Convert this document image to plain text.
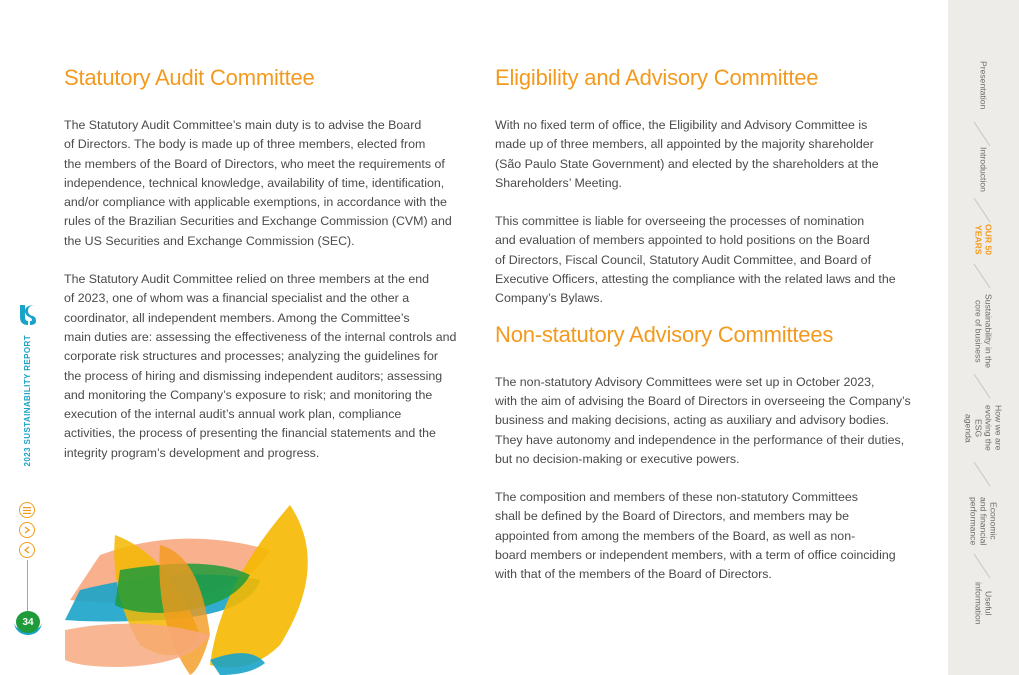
Statutory Audit Committee

The Statutory Audit Committee’s main duty is to advise the Board
of Directors. The body is made up of three members, elected from
the members of the Board of Directors, who meet the requirements of
independence, technical knowledge, availability of time, identification,
and/or compliance with applicable exemptions, in accordance with the
rules of the Brazilian Securities and Exchange Commission (CVM) and
the US Securities and Exchange Commission (SEC).

The Statutory Audit Committee relied on three members at the end
of 2023, one of whom was a financial specialist and the other a
coordinator, all independent members. Among the Committee’s
main duties are: assessing the effectiveness of the internal controls and
corporate risk structures and processes; analyzing the guidelines for
the process of hiring and dismissing independent auditors; assessing
and monitoring the Company’s exposure to risk; and monitoring the
execution of the internal audit’s annual work plan, compliance
activities, the process of presenting the financial statements and the
integrity program’s development and progress.

Eligibility and Advisory Committee

With no fixed term of office, the Eligibility and Advisory Committee is
made up of three members, all appointed by the majority shareholder
(São Paulo State Government) and elected by the shareholders at the
Shareholders’ Meeting.

This committee is liable for overseeing the processes of nomination
and evaluation of members appointed to hold positions on the Board
of Directors, Fiscal Council, Statutory Audit Committee, and Board of
Executive Officers, attesting the compliance with the related laws and the
Company’s Bylaws.

Non-statutory Advisory Committees

The non-statutory Advisory Committees were set up in October 2023,
with the aim of advising the Board of Directors in overseeing the Company’s
business and making decisions, acting as auxiliary and advisory bodies.
They have autonomy and independence in the performance of their duties,
but no decision-making or executive powers.

The composition and members of these non-statutory Committees
shall be defined by the Board of Directors, and members may be
appointed from among the members of the Board, as well as non-
board members or independent members, with a term of office coinciding
with that of the members of the Board of Directors.

2023 SUSTAINABILITY REPORT
34
Presentation
Introduction
OUR 50
YEARS
Sustainability in the
core of business
How we are
evolving the ESG
agenda
Economic
and financial
performance
Useful
information
